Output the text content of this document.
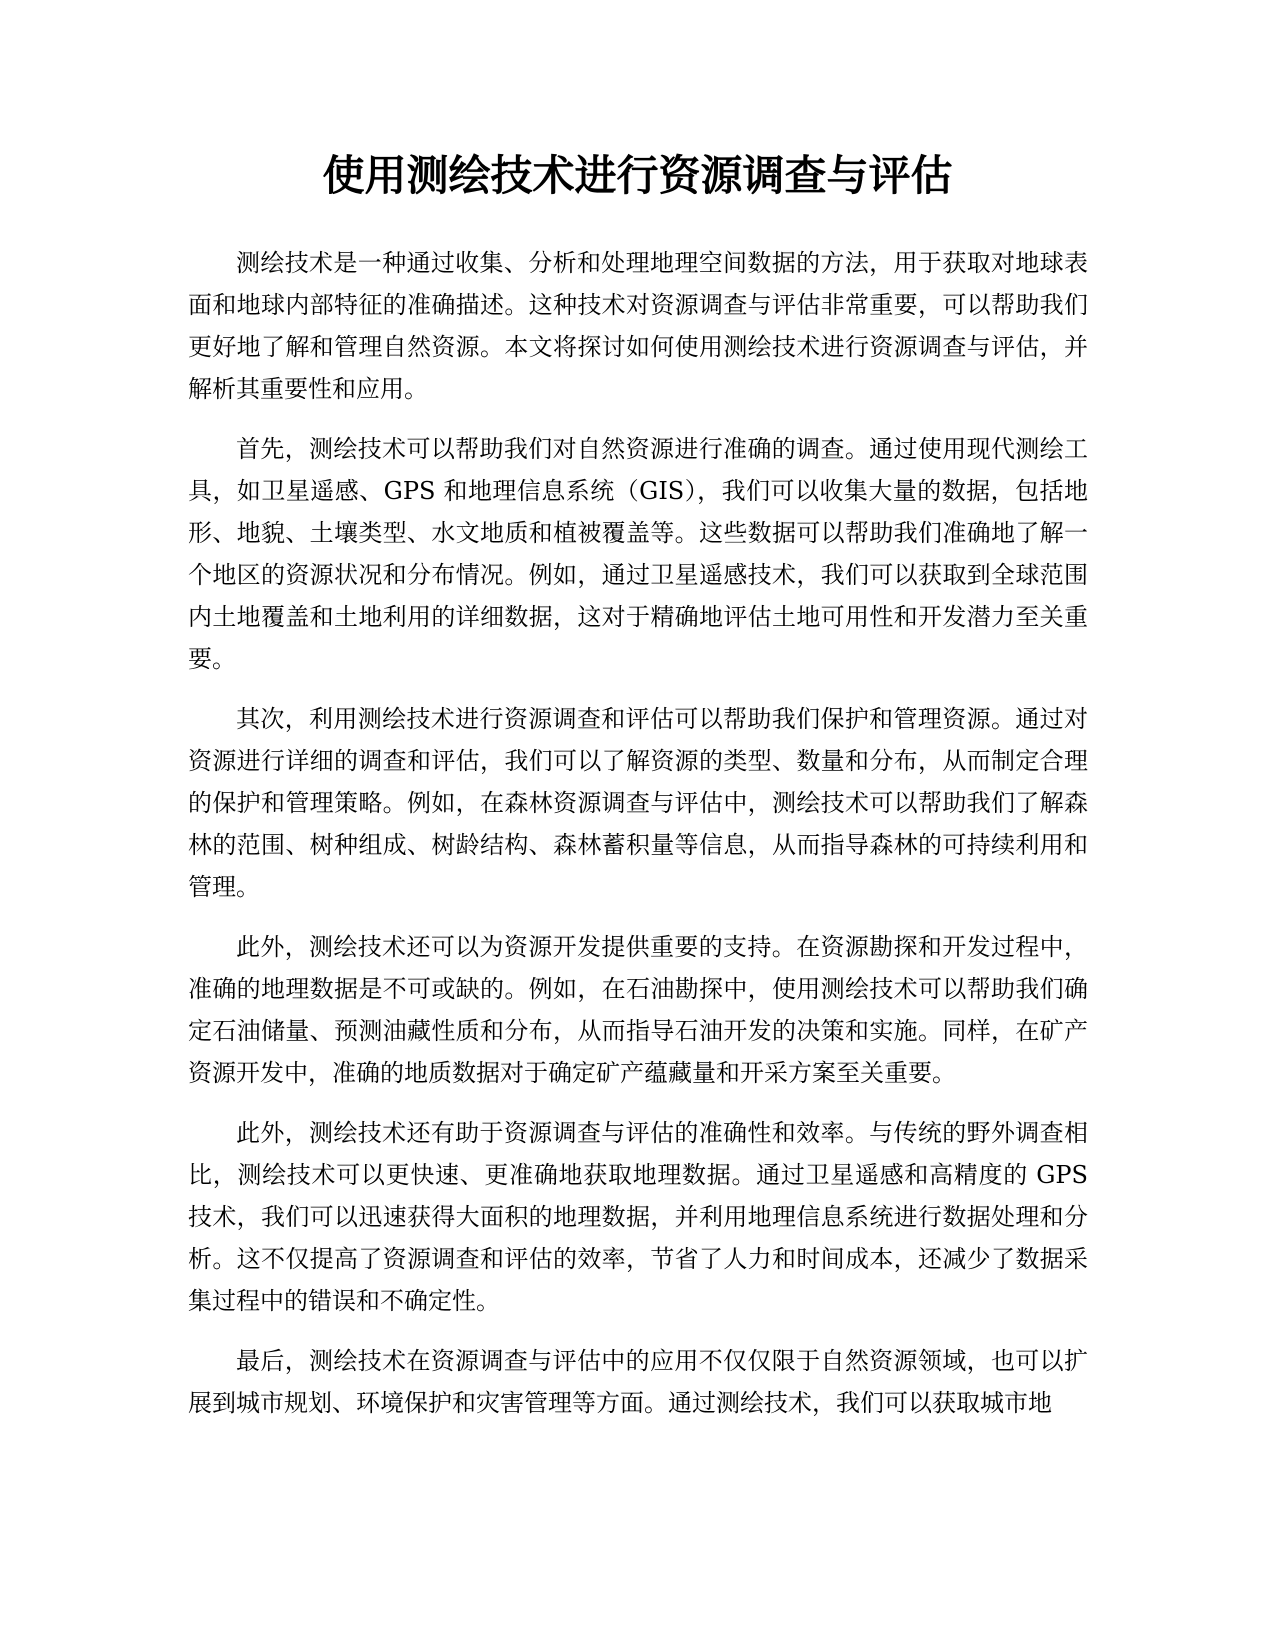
使用测绘技术进行资源调查与评估

测绘技术是一种通过收集、分析和处理地理空间数据的方法，用于获取对地球表面和地球内部特征的准确描述。这种技术对资源调查与评估非常重要，可以帮助我们更好地了解和管理自然资源。本文将探讨如何使用测绘技术进行资源调查与评估，并解析其重要性和应用。

首先，测绘技术可以帮助我们对自然资源进行准确的调查。通过使用现代测绘工具，如卫星遥感、GPS 和地理信息系统（GIS），我们可以收集大量的数据，包括地形、地貌、土壤类型、水文地质和植被覆盖等。这些数据可以帮助我们准确地了解一个地区的资源状况和分布情况。例如，通过卫星遥感技术，我们可以获取到全球范围内土地覆盖和土地利用的详细数据，这对于精确地评估土地可用性和开发潜力至关重要。

其次，利用测绘技术进行资源调查和评估可以帮助我们保护和管理资源。通过对资源进行详细的调查和评估，我们可以了解资源的类型、数量和分布，从而制定合理的保护和管理策略。例如，在森林资源调查与评估中，测绘技术可以帮助我们了解森林的范围、树种组成、树龄结构、森林蓄积量等信息，从而指导森林的可持续利用和管理。

此外，测绘技术还可以为资源开发提供重要的支持。在资源勘探和开发过程中，准确的地理数据是不可或缺的。例如，在石油勘探中，使用测绘技术可以帮助我们确定石油储量、预测油藏性质和分布，从而指导石油开发的决策和实施。同样，在矿产资源开发中，准确的地质数据对于确定矿产蕴藏量和开采方案至关重要。

此外，测绘技术还有助于资源调查与评估的准确性和效率。与传统的野外调查相比，测绘技术可以更快速、更准确地获取地理数据。通过卫星遥感和高精度的 GPS 技术，我们可以迅速获得大面积的地理数据，并利用地理信息系统进行数据处理和分析。这不仅提高了资源调查和评估的效率，节省了人力和时间成本，还减少了数据采集过程中的错误和不确定性。

最后，测绘技术在资源调查与评估中的应用不仅仅限于自然资源领域，也可以扩展到城市规划、环境保护和灾害管理等方面。通过测绘技术，我们可以获取城市地
